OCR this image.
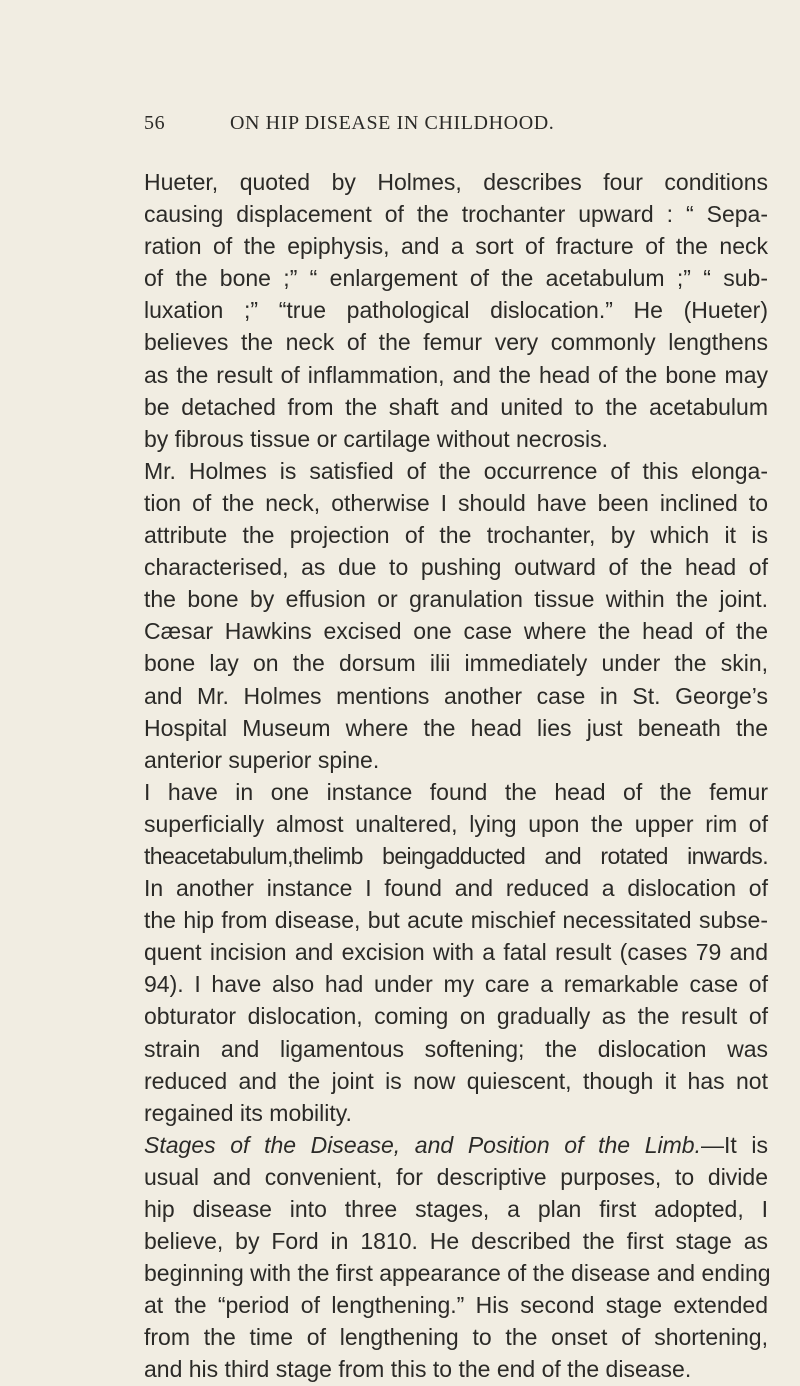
56	ON HIP DISEASE IN CHILDHOOD.
Hueter, quoted by Holmes, describes four conditions
causing displacement of the trochanter upward : “ Sepa-
ration of the epiphysis, and a sort of fracture of the neck
of the bone ;” “ enlargement of the acetabulum ;” “ sub-
luxation ;” “true pathological dislocation.” He (Hueter)
believes the neck of the femur very commonly lengthens
as the result of inflammation, and the head of the bone may
be detached from the shaft and united to the acetabulum
by fibrous tissue or cartilage without necrosis.
Mr. Holmes is satisfied of the occurrence of this elonga-
tion of the neck, otherwise I should have been inclined to
attribute the projection of the trochanter, by which it is
characterised, as due to pushing outward of the head of
the bone by effusion or granulation tissue within the joint.
Cæsar Hawkins excised one case where the head of the
bone lay on the dorsum ilii immediately under the skin,
and Mr. Holmes mentions another case in St. George’s
Hospital Museum where the head lies just beneath the
anterior superior spine.
I have in one instance found the head of the femur
superficially almost unaltered, lying upon the upper rim of
theacetabulum,thelimb beingadducted and rotated inwards.
In another instance I found and reduced a dislocation of
the hip from disease, but acute mischief necessitated subse-
quent incision and excision with a fatal result (cases 79 and
94). I have also had under my care a remarkable case of
obturator dislocation, coming on gradually as the result of
strain and ligamentous softening; the dislocation was
reduced and the joint is now quiescent, though it has not
regained its mobility.
Stages of the Disease, and Position of the Limb.—It is
usual and convenient, for descriptive purposes, to divide
hip disease into three stages, a plan first adopted, I
believe, by Ford in 1810. He described the first stage as
beginning with the first appearance of the disease and ending
at the “period of lengthening.” His second stage extended
from the time of lengthening to the onset of shortening,
and his third stage from this to the end of the disease.
